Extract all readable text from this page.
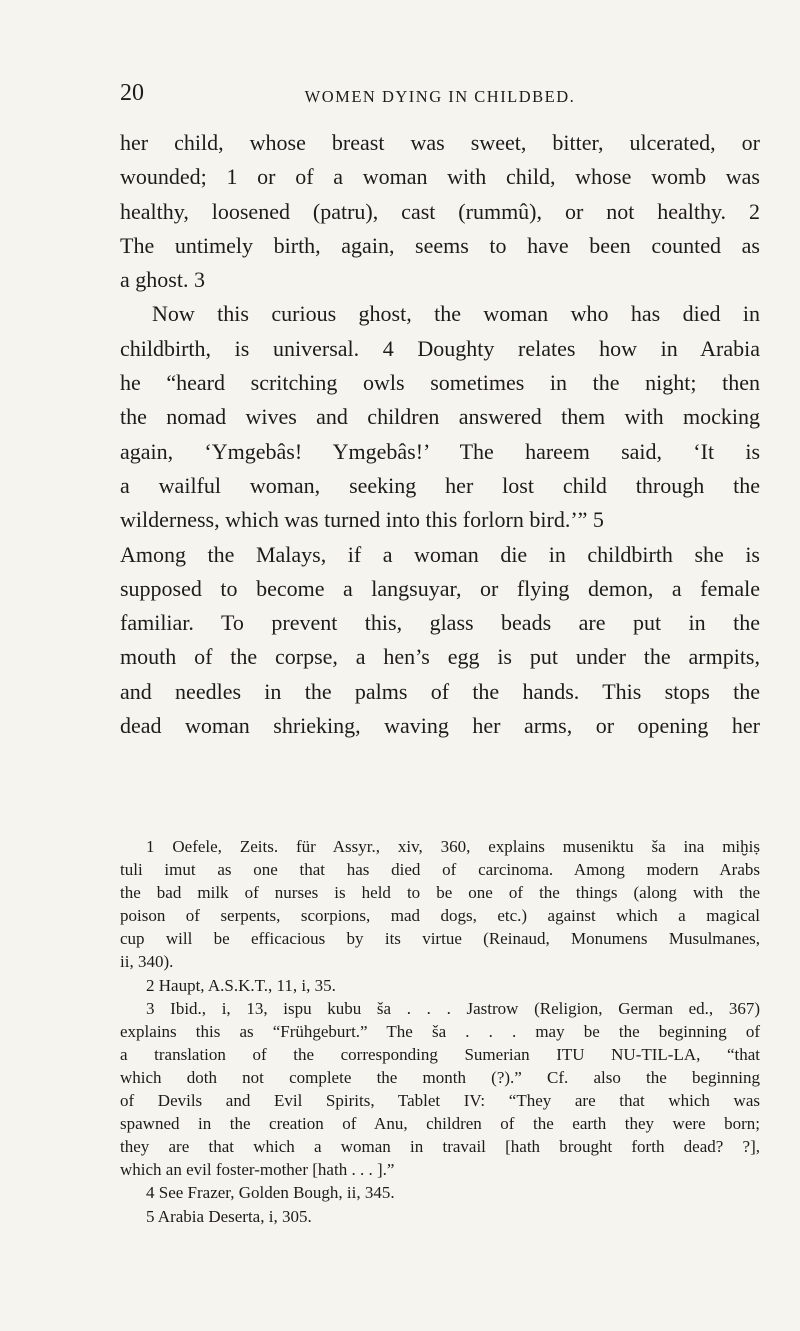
20	WOMEN DYING IN CHILDBED.
her child, whose breast was sweet, bitter, ulcerated, or
wounded; 1 or of a woman with child, whose womb was
healthy, loosened (patru), cast (rummû), or not healthy. 2
The untimely birth, again, seems to have been counted as
a ghost. 3
Now this curious ghost, the woman who has died in
childbirth, is universal. 4 Doughty relates how in Arabia
he “heard scritching owls sometimes in the night; then
the nomad wives and children answered them with mocking
again, ‘Ymgebâs! Ymgebâs!’ The hareem said, ‘It is
a wailful woman, seeking her lost child through the
wilderness, which was turned into this forlorn bird.’” 5
Among the Malays, if a woman die in childbirth she is
supposed to become a langsuyar, or flying demon, a female
familiar. To prevent this, glass beads are put in the
mouth of the corpse, a hen’s egg is put under the armpits,
and needles in the palms of the hands. This stops the
dead woman shrieking, waving her arms, or opening her
1 Oefele, Zeits. für Assyr., xiv, 360, explains museniktu ša ina miḫiṣ
tuli imut as one that has died of carcinoma. Among modern Arabs
the bad milk of nurses is held to be one of the things (along with the
poison of serpents, scorpions, mad dogs, etc.) against which a magical
cup will be efficacious by its virtue (Reinaud, Monumens Musulmanes,
ii, 340).
2 Haupt, A.S.K.T., 11, i, 35.
3 Ibid., i, 13, ispu kubu ša . . . Jastrow (Religion, German ed., 367)
explains this as “Frühgeburt.” The ša . . . may be the beginning of
a translation of the corresponding Sumerian ITU NU-TIL-LA, “that
which doth not complete the month (?).” Cf. also the beginning
of Devils and Evil Spirits, Tablet IV: “They are that which was
spawned in the creation of Anu, children of the earth they were born;
they are that which a woman in travail [hath brought forth dead? ?],
which an evil foster-mother [hath . . . ].”
4 See Frazer, Golden Bough, ii, 345.
5 Arabia Deserta, i, 305.
